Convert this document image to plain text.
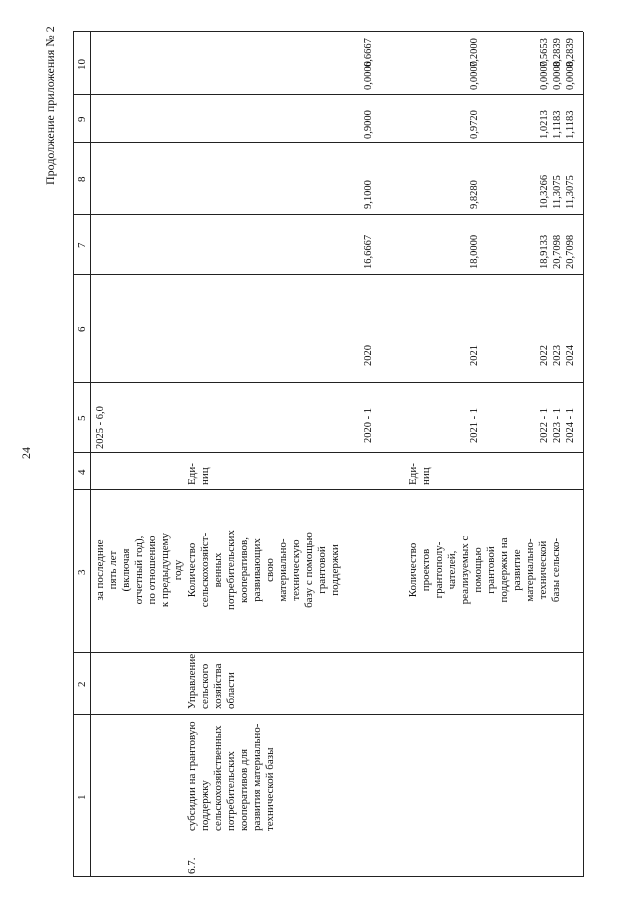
24
Продолжение приложения № 2
1
2
3
4
5
6
7
8
9
10
за последние пять лет (включая отчетный год), по отношению к предыдущему году
2025 - 6,0
6.7.
субсидии на грантовую поддержку сельскохозяйственных потребительских кооперативов для развития материально- технической базы
Управление сельского хозяйства области
Количество сельскохозяйст- венных потребительских кооперативов, развивающих свою материально- техническую базу с помощью грантовой поддержки
Еди- ниц
2020 - 1
2020
16,6667
9,1000
0,9000
0,0000
6,6667
Количество проектов грантополу- чателей, реализуемых с помощью грантовой поддержки на развитие материально- технической базы сельско-
Еди- ниц
2021 - 1
2021
18,0000
9,8280
0,9720
0,0000
7,2000
2022 - 1
2022
18,9133
10,3266
1,0213
0,0000
7,5653
2023 - 1
2023
20,7098
11,3075
1,1183
0,0000
8,2839
2024 - 1
2024
20,7098
11,3075
1,1183
0,0000
8,2839
